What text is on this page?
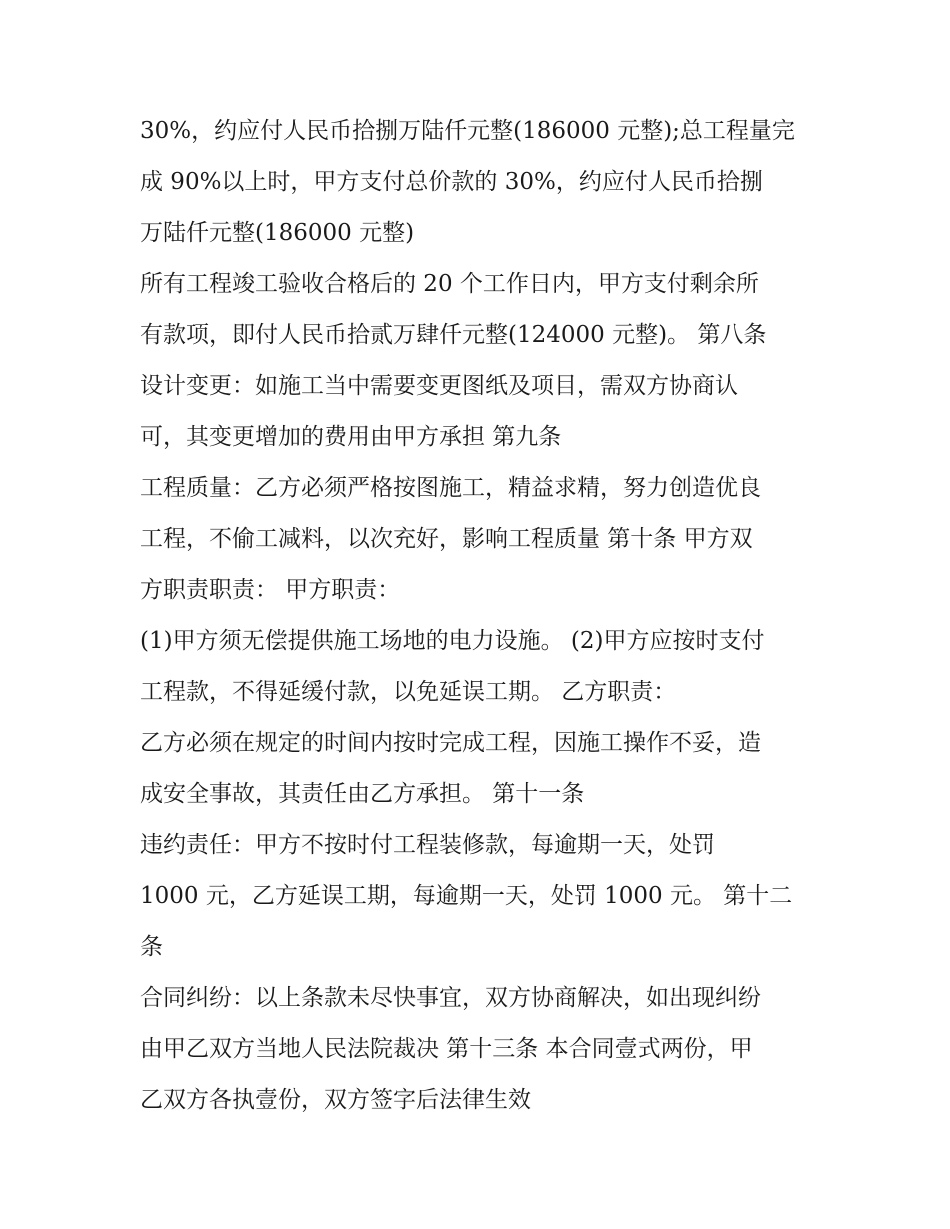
30%，约应付人民币拾捌万陆仟元整(186000 元整);总工程量完
成 90%以上时，甲方支付总价款的 30%，约应付人民币拾捌
万陆仟元整(186000 元整)
所有工程竣工验收合格后的 20 个工作日内，甲方支付剩余所
有款项，即付人民币拾贰万肆仟元整(124000 元整)。 第八条
设计变更：如施工当中需要变更图纸及项目，需双方协商认
可，其变更增加的费用由甲方承担 第九条
工程质量：乙方必须严格按图施工，精益求精，努力创造优良
工程，不偷工减料，以次充好，影响工程质量 第十条 甲方双
方职责职责： 甲方职责：
(1)甲方须无偿提供施工场地的电力设施。 (2)甲方应按时支付
工程款，不得延缓付款，以免延误工期。 乙方职责：
乙方必须在规定的时间内按时完成工程，因施工操作不妥，造
成安全事故，其责任由乙方承担。 第十一条
违约责任：甲方不按时付工程装修款，每逾期一天，处罚
1000 元，乙方延误工期，每逾期一天，处罚 1000 元。 第十二
条
合同纠纷：以上条款未尽快事宜，双方协商解决，如出现纠纷
由甲乙双方当地人民法院裁决 第十三条 本合同壹式两份，甲
乙双方各执壹份，双方签字后法律生效
